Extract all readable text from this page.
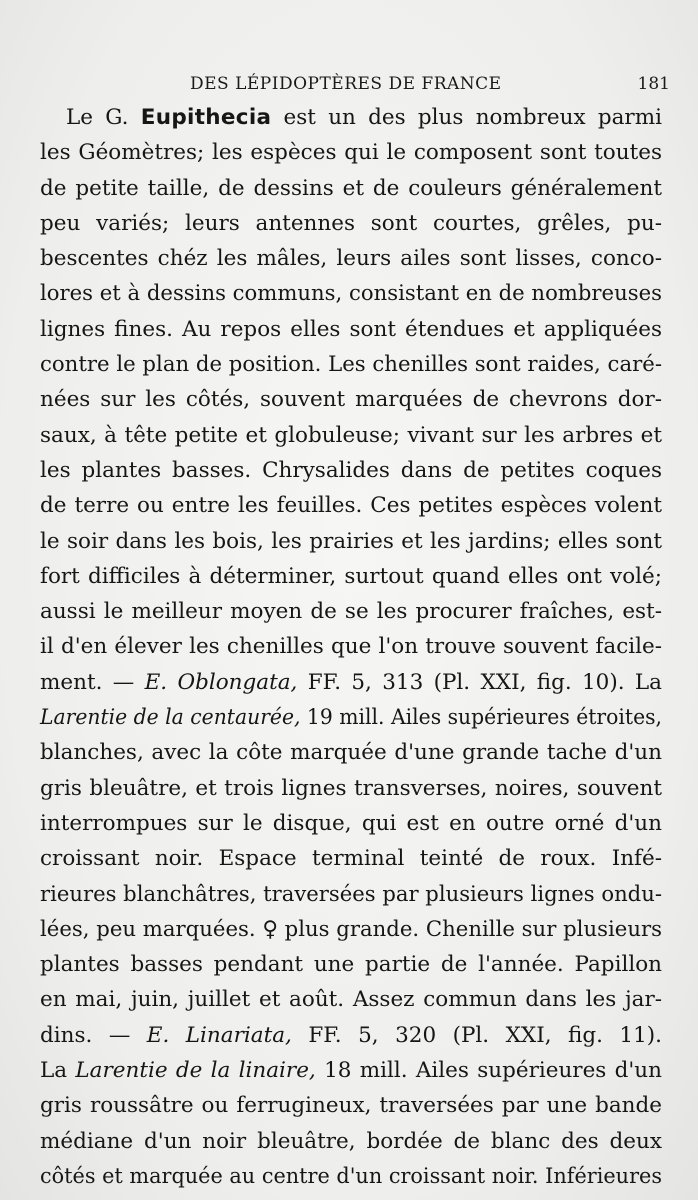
DES LÉPIDOPTÈRES DE FRANCE	181
Le G. Eupithecia est un des plus nombreux parmi
les Géomètres; les espèces qui le composent sont toutes
de petite taille, de dessins et de couleurs généralement
peu variés; leurs antennes sont courtes, grêles, pu-
bescentes chéz les mâles, leurs ailes sont lisses, conco-
lores et à dessins communs, consistant en de nombreuses
lignes fines. Au repos elles sont étendues et appliquées
contre le plan de position. Les chenilles sont raides, caré-
nées sur les côtés, souvent marquées de chevrons dor-
saux, à tête petite et globuleuse; vivant sur les arbres et
les plantes basses. Chrysalides dans de petites coques
de terre ou entre les feuilles. Ces petites espèces volent
le soir dans les bois, les prairies et les jardins; elles sont
fort difficiles à déterminer, surtout quand elles ont volé;
aussi le meilleur moyen de se les procurer fraîches, est-
il d'en élever les chenilles que l'on trouve souvent facile-
ment. — E. Oblongata, FF. 5, 313 (Pl. XXI, fig. 10). La
Larentie de la centaurée, 19 mill. Ailes supérieures étroites,
blanches, avec la côte marquée d'une grande tache d'un
gris bleuâtre, et trois lignes transverses, noires, souvent
interrompues sur le disque, qui est en outre orné d'un
croissant noir. Espace terminal teinté de roux. Infé-
rieures blanchâtres, traversées par plusieurs lignes ondu-
lées, peu marquées. ♀ plus grande. Chenille sur plusieurs
plantes basses pendant une partie de l'année. Papillon
en mai, juin, juillet et août. Assez commun dans les jar-
dins. — E. Linariata, FF. 5, 320 (Pl. XXI, fig. 11).
La Larentie de la linaire, 18 mill. Ailes supérieures d'un
gris roussâtre ou ferrugineux, traversées par une bande
médiane d'un noir bleuâtre, bordée de blanc des deux
côtés et marquée au centre d'un croissant noir. Inférieures
